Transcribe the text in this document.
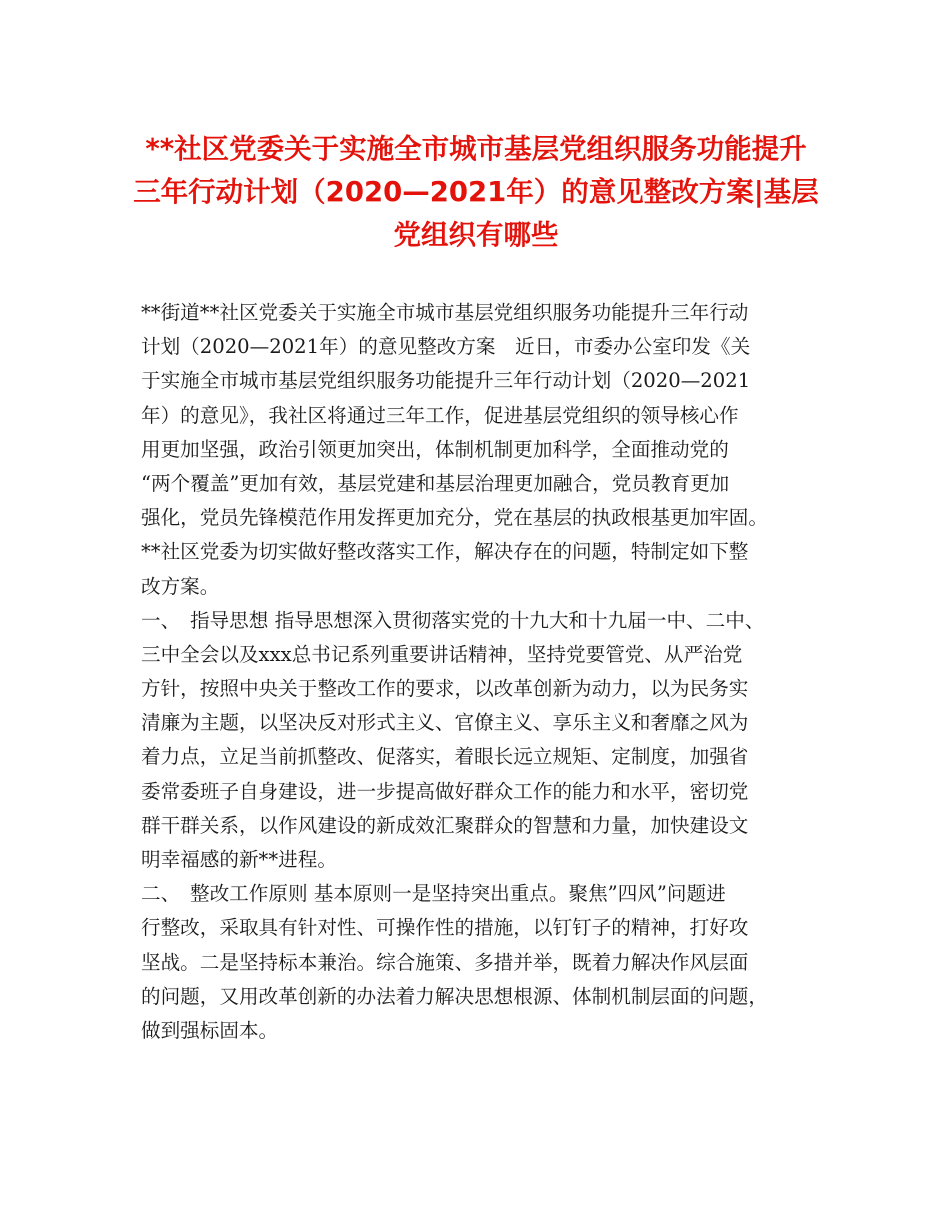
**社区党委关于实施全市城市基层党组织服务功能提升
三年行动计划（2020—2021年）的意见整改方案|基层
党组织有哪些
**街道**社区党委关于实施全市城市基层党组织服务功能提升三年行动
计划（2020—2021年）的意见整改方案　近日，市委办公室印发《关
于实施全市城市基层党组织服务功能提升三年行动计划（2020—2021
年）的意见》，我社区将通过三年工作，促进基层党组织的领导核心作
用更加坚强，政治引领更加突出，体制机制更加科学，全面推动党的
“两个覆盖”更加有效，基层党建和基层治理更加融合，党员教育更加
强化，党员先锋模范作用发挥更加充分，党在基层的执政根基更加牢固。
**社区党委为切实做好整改落实工作，解决存在的问题，特制定如下整
改方案。
一、　指导思想 指导思想深入贯彻落实党的十九大和十九届一中、二中、
三中全会以及xxx总书记系列重要讲话精神，坚持党要管党、从严治党
方针，按照中央关于整改工作的要求，以改革创新为动力，以为民务实
清廉为主题，以坚决反对形式主义、官僚主义、享乐主义和奢靡之风为
着力点，立足当前抓整改、促落实，着眼长远立规矩、定制度，加强省
委常委班子自身建设，进一步提高做好群众工作的能力和水平，密切党
群干群关系，以作风建设的新成效汇聚群众的智慧和力量，加快建设文
明幸福感的新**进程。
二、　整改工作原则 基本原则一是坚持突出重点。聚焦”四风”问题进
行整改，采取具有针对性、可操作性的措施，以钉钉子的精神，打好攻
坚战。二是坚持标本兼治。综合施策、多措并举，既着力解决作风层面
的问题，又用改革创新的办法着力解决思想根源、体制机制层面的问题，
做到强标固本。
